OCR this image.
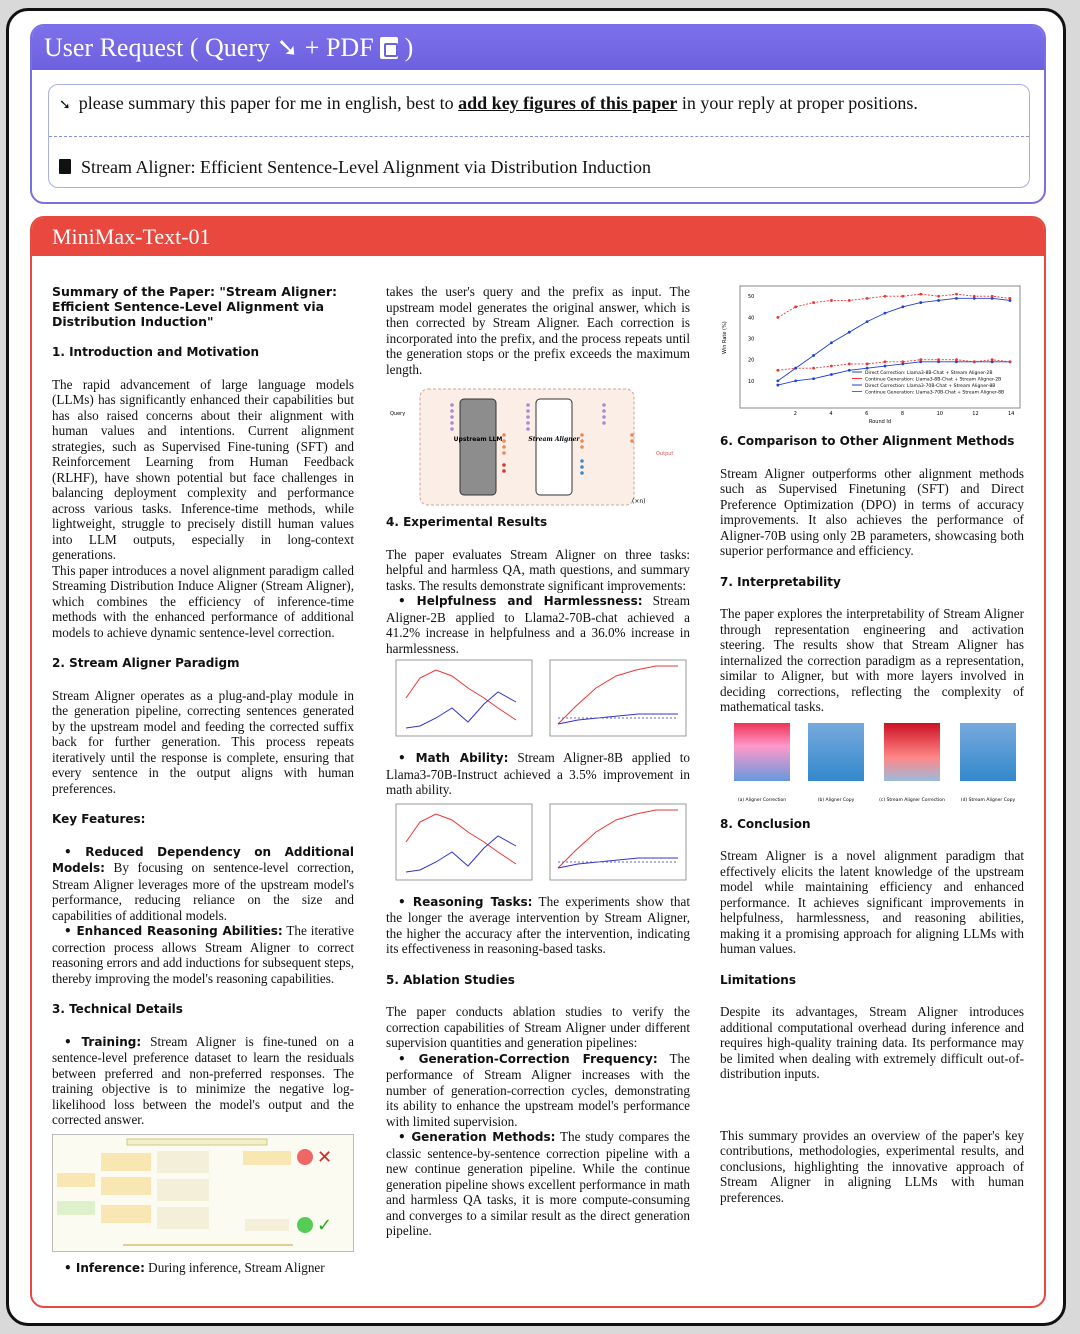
User Request ( Query ➘ + PDF )
➘ please summary this paper for me in english, best to add key figures of this paper in your reply at proper positions.
Stream Aligner: Efficient Sentence-Level Alignment via Distribution Induction
MiniMax-Text-01

Summary of the Paper: "Stream Aligner: Efficient Sentence-Level Alignment via Distribution Induction"

1. Introduction and Motivation

The rapid advancement of large language models (LLMs) has significantly enhanced their capabilities but has also raised concerns about their alignment with human values and intentions. Current alignment strategies, such as Supervised Fine-tuning (SFT) and Reinforcement Learning from Human Feedback (RLHF), have shown potential but face challenges in balancing deployment complexity and performance across various tasks. Inference-time methods, while lightweight, struggle to precisely distill human values into LLM outputs, especially in long-context generations.

This paper introduces a novel alignment paradigm called Streaming Distribution Induce Aligner (Stream Aligner), which combines the efficiency of inference-time methods with the enhanced performance of additional models to achieve dynamic sentence-level correction.

2. Stream Aligner Paradigm

Stream Aligner operates as a plug-and-play module in the generation pipeline, correcting sentences generated by the upstream model and feeding the corrected suffix back for further generation. This process repeats iteratively until the response is complete, ensuring that every sentence in the output aligns with human preferences.

Key Features:

• Reduced Dependency on Additional Models: By focusing on sentence-level correction, Stream Aligner leverages more of the upstream model's performance, reducing reliance on the size and capabilities of additional models.

• Enhanced Reasoning Abilities: The iterative correction process allows Stream Aligner to correct reasoning errors and add inductions for subsequent steps, thereby improving the model's reasoning capabilities.

3. Technical Details

• Training: Stream Aligner is fine-tuned on a sentence-level preference dataset to learn the residuals between preferred and non-preferred responses. The training objective is to minimize the negative log-likelihood loss between the model's output and the corrected answer.

✕
✓

• Inference: During inference, Stream Aligner

takes the user's query and the prefix as input. The upstream model generates the original answer, which is then corrected by Stream Aligner. Each correction is incorporated into the prefix, and the process repeats until the generation stops or the prefix exceeds the maximum length.

Upstream LLM	Stream Aligner
Query
Output
(×n)

4. Experimental Results

The paper evaluates Stream Aligner on three tasks: helpful and harmless QA, math questions, and summary tasks. The results demonstrate significant improvements:

• Helpfulness and Harmlessness: Stream Aligner-2B applied to Llama2-70B-chat achieved a 41.2% increase in helpfulness and a 36.0% increase in harmlessness.

• Math Ability: Stream Aligner-8B applied to Llama3-70B-Instruct achieved a 3.5% improvement in math ability.

• Reasoning Tasks: The experiments show that the longer the average intervention by Stream Aligner, the higher the accuracy after the intervention, indicating its effectiveness in reasoning-based tasks.

5. Ablation Studies

The paper conducts ablation studies to verify the correction capabilities of Stream Aligner under different supervision quantities and generation pipelines:

• Generation-Correction Frequency: The performance of Stream Aligner increases with the number of generation-correction cycles, demonstrating its ability to enhance the upstream model's performance with limited supervision.

• Generation Methods: The study compares the classic sentence-by-sentence correction pipeline with a new continue generation pipeline. While the continue generation pipeline shows excellent performance in math and harmless QA tasks, it is more compute-consuming and converges to a similar result as the direct generation pipeline.

Win Rate (%)
Round Id
10
20
30
40
50
2	4	6	8	10	12	14
Direct Correction: Llama3-8B-Chat + Stream Aligner-2B
Continue Generation: Llama3-8B-Chat + Stream Aligner-2B
Direct Correction: Llama3-70B-Chat + Stream Aligner-8B
Continue Generation: Llama3-70B-Chat + Stream Aligner-8B

6. Comparison to Other Alignment Methods

Stream Aligner outperforms other alignment methods such as Supervised Finetuning (SFT) and Direct Preference Optimization (DPO) in terms of accuracy improvements. It also achieves the performance of Aligner-70B using only 2B parameters, showcasing both superior performance and efficiency.

7. Interpretability

The paper explores the interpretability of Stream Aligner through representation engineering and activation steering. The results show that Stream Aligner has internalized the correction paradigm as a representation, similar to Aligner, but with more layers involved in deciding corrections, reflecting the complexity of mathematical tasks.

(a) Aligner Correction	(b) Aligner Copy	(c) Stream Aligner Correction	(d) Stream Aligner Copy

8. Conclusion

Stream Aligner is a novel alignment paradigm that effectively elicits the latent knowledge of the upstream model while maintaining efficiency and enhanced performance. It achieves significant improvements in helpfulness, harmlessness, and reasoning abilities, making it a promising approach for aligning LLMs with human values.

Limitations

Despite its advantages, Stream Aligner introduces additional computational overhead during inference and requires high-quality training data. Its performance may be limited when dealing with extremely difficult out-of-distribution inputs.

This summary provides an overview of the paper's key contributions, methodologies, experimental results, and conclusions, highlighting the innovative approach of Stream Aligner in aligning LLMs with human preferences.
